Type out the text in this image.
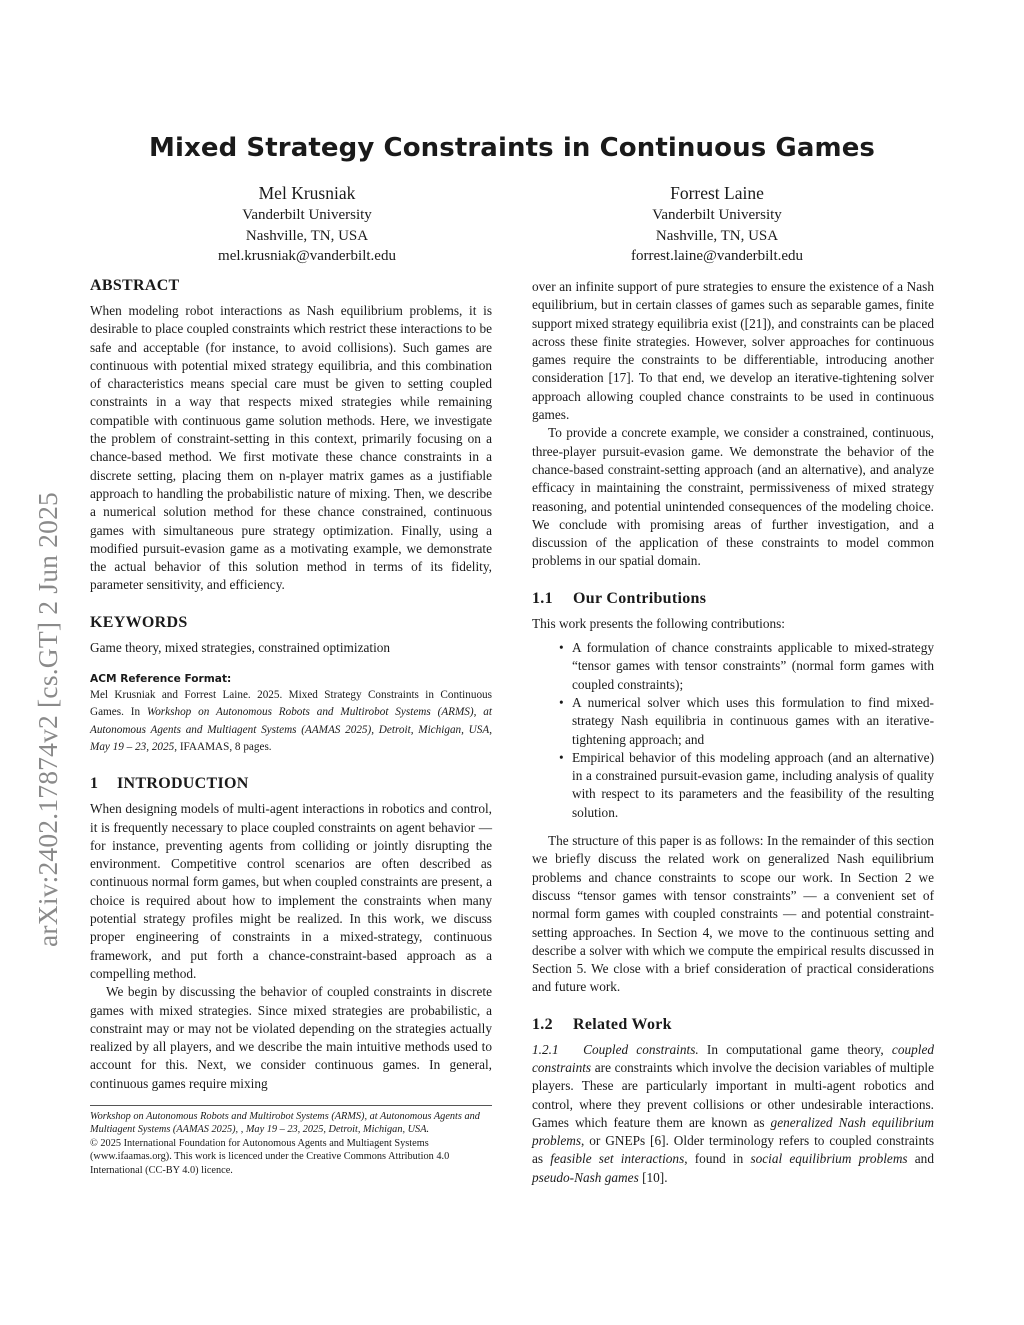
arXiv:2402.17874v2 [cs.GT] 2 Jun 2025
Mixed Strategy Constraints in Continuous Games
Mel Krusniak
Vanderbilt University
Nashville, TN, USA
mel.krusniak@vanderbilt.edu
Forrest Laine
Vanderbilt University
Nashville, TN, USA
forrest.laine@vanderbilt.edu
ABSTRACT

When modeling robot interactions as Nash equilibrium problems, it is desirable to place coupled constraints which restrict these interactions to be safe and acceptable (for instance, to avoid collisions). Such games are continuous with potential mixed strategy equilibria, and this combination of characteristics means special care must be given to setting coupled constraints in a way that respects mixed strategies while remaining compatible with continuous game solution methods. Here, we investigate the problem of constraint-setting in this context, primarily focusing on a chance-based method. We first motivate these chance constraints in a discrete setting, placing them on n-player matrix games as a justifiable approach to handling the probabilistic nature of mixing. Then, we describe a numerical solution method for these chance constrained, continuous games with simultaneous pure strategy optimization. Finally, using a modified pursuit-evasion game as a motivating example, we demonstrate the actual behavior of this solution method in terms of its fidelity, parameter sensitivity, and efficiency.

KEYWORDS

Game theory, mixed strategies, constrained optimization

ACM Reference Format:

Mel Krusniak and Forrest Laine. 2025. Mixed Strategy Constraints in Continuous Games. In Workshop on Autonomous Robots and Multirobot Systems (ARMS), at Autonomous Agents and Multiagent Systems (AAMAS 2025), Detroit, Michigan, USA, May 19 – 23, 2025, IFAAMAS, 8 pages.

1 INTRODUCTION

When designing models of multi-agent interactions in robotics and control, it is frequently necessary to place coupled constraints on agent behavior — for instance, preventing agents from colliding or jointly disrupting the environment. Competitive control scenarios are often described as continuous normal form games, but when coupled constraints are present, a choice is required about how to implement the constraints when many potential strategy profiles might be realized. In this work, we discuss proper engineering of constraints in a mixed-strategy, continuous framework, and put forth a chance-constraint-based approach as a compelling method.

We begin by discussing the behavior of coupled constraints in discrete games with mixed strategies. Since mixed strategies are probabilistic, a constraint may or may not be violated depending on the strategies actually realized by all players, and we describe the main intuitive methods used to account for this. Next, we consider continuous games. In general, continuous games require mixing

Workshop on Autonomous Robots and Multirobot Systems (ARMS), at Autonomous Agents and Multiagent Systems (AAMAS 2025), , May 19 – 23, 2025, Detroit, Michigan, USA.
© 2025 International Foundation for Autonomous Agents and Multiagent Systems (www.ifaamas.org). This work is licenced under the Creative Commons Attribution 4.0 International (CC-BY 4.0) licence.

over an infinite support of pure strategies to ensure the existence of a Nash equilibrium, but in certain classes of games such as separable games, finite support mixed strategy equilibria exist ([21]), and constraints can be placed across these finite strategies. However, solver approaches for continuous games require the constraints to be differentiable, introducing another consideration [17]. To that end, we develop an iterative-tightening solver approach allowing coupled chance constraints to be used in continuous games.

To provide a concrete example, we consider a constrained, continuous, three-player pursuit-evasion game. We demonstrate the behavior of the chance-based constraint-setting approach (and an alternative), and analyze efficacy in maintaining the constraint, permissiveness of mixed strategy reasoning, and potential unintended consequences of the modeling choice. We conclude with promising areas of further investigation, and a discussion of the application of these constraints to model common problems in our spatial domain.

1.1 Our Contributions

This work presents the following contributions:

• A formulation of chance constraints applicable to mixed-strategy “tensor games with tensor constraints” (normal form games with coupled constraints);
• A numerical solver which uses this formulation to find mixed-strategy Nash equilibria in continuous games with an iterative-tightening approach; and
• Empirical behavior of this modeling approach (and an alternative) in a constrained pursuit-evasion game, including analysis of quality with respect to its parameters and the feasibility of the resulting solution.

The structure of this paper is as follows: In the remainder of this section we briefly discuss the related work on generalized Nash equilibrium problems and chance constraints to scope our work. In Section 2 we discuss “tensor games with tensor constraints” — a convenient set of normal form games with coupled constraints — and potential constraint-setting approaches. In Section 4, we move to the continuous setting and describe a solver with which we compute the empirical results discussed in Section 5. We close with a brief consideration of practical considerations and future work.

1.2 Related Work

1.2.1 Coupled constraints. In computational game theory, coupled constraints are constraints which involve the decision variables of multiple players. These are particularly important in multi-agent robotics and control, where they prevent collisions or other undesirable interactions. Games which feature them are known as generalized Nash equilibrium problems, or GNEPs [6]. Older terminology refers to coupled constraints as feasible set interactions, found in social equilibrium problems and pseudo-Nash games [10].
